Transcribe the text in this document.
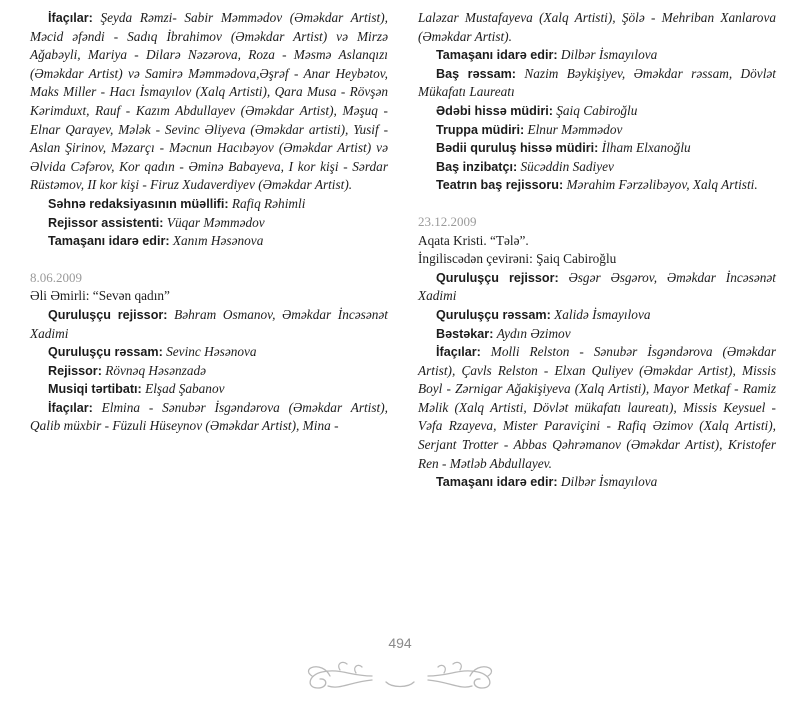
İfaçılar: Şeyda Rəmzi- Sabir Məmmədov (Əməkdar Artist), Məcid əfəndi - Sadıq İbrahimov (Əməkdar Artist) və Mirzə Ağabəyli, Mariya - Dilarə Nəzərova, Roza - Məsmə Aslanqızı (Əməkdar Artist) və Samirə Məmmədova,Əşrəf - Anar Heybətov, Maks Miller - Hacı İsmayılov (Xalq Artisti), Qara Musa - Rövşən Kərimduxt, Rauf - Kazım Abdullayev (Əməkdar Artist), Məşuq - Elnar Qarayev, Mələk - Sevinc Əliyeva (Əməkdar artisti), Yusif - Aslan Şirinov, Məzarçı - Məcnun Hacıbəyov (Əməkdar Artist) və Əlvida Cəfərov, Kor qadın - Əminə Babayeva, I kor kişi - Sərdar Rüstəmov, II kor kişi - Firuz Xudaverdiyev (Əməkdar Artist).

Səhnə redaksiyasının müəllifi: Rafiq Rəhimli

Rejissor assistenti: Vüqar Məmmədov

Tamaşanı idarə edir: Xanım Həsənova

8.06.2009

Əli Əmirli: “Sevən qadın”

Quruluşçu rejissor: Bəhram Osmanov, Əməkdar İncəsənət Xadimi

Quruluşçu rəssam: Sevinc Həsənova

Rejissor: Rövnəq Həsənzadə

Musiqi tərtibatı: Elşad Şabanov

İfaçılar: Elmina - Sənubər İsgəndərova (Əməkdar Artist), Qalib müxbir - Füzuli Hüseynov (Əməkdar Artist), Mina -

Laləzar Mustafayeva (Xalq Artisti), Şölə - Mehriban Xanlarova (Əməkdar Artist).

Tamaşanı idarə edir: Dilbər İsmayılova

Baş rəssam: Nazim Bəykişiyev, Əməkdar rəssam, Dövlət Mükafatı Laureatı

Ədəbi hissə müdiri: Şaiq Cabiroğlu

Truppa müdiri: Elnur Məmmədov

Bədii quruluş hissə müdiri: İlham Elxanoğlu

Baş inzibatçı: Sücəddin Sadiyev

Teatrın baş rejissoru: Mərahim Fərzəlibəyov, Xalq Artisti.

23.12.2009

Aqata Kristi. “Tələ”.

İngiliscədən çevirəni: Şaiq Cabiroğlu

Quruluşçu rejissor: Əsgər Əsgərov, Əməkdar İncəsənət Xadimi

Quruluşçu rəssam: Xalidə İsmayılova

Bəstəkar: Aydın Əzimov

İfaçılar: Molli Relston - Sənubər İsgəndərova (Əməkdar Artist), Çavls Relston - Elxan Quliyev (Əməkdar Artist), Missis Boyl - Zərnigar Ağakişiyeva (Xalq Artisti), Mayor Metkaf - Ramiz Məlik (Xalq Artisti, Dövlət mükafatı laureatı), Missis Keysuel - Vəfa Rzayeva, Mister Paraviçini - Rafiq Əzimov (Xalq Artisti), Serjant Trotter - Abbas Qəhrəmanov (Əməkdar Artist), Kristofer Ren - Mətləb Abdullayev.

Tamaşanı idarə edir: Dilbər İsmayılova

494
